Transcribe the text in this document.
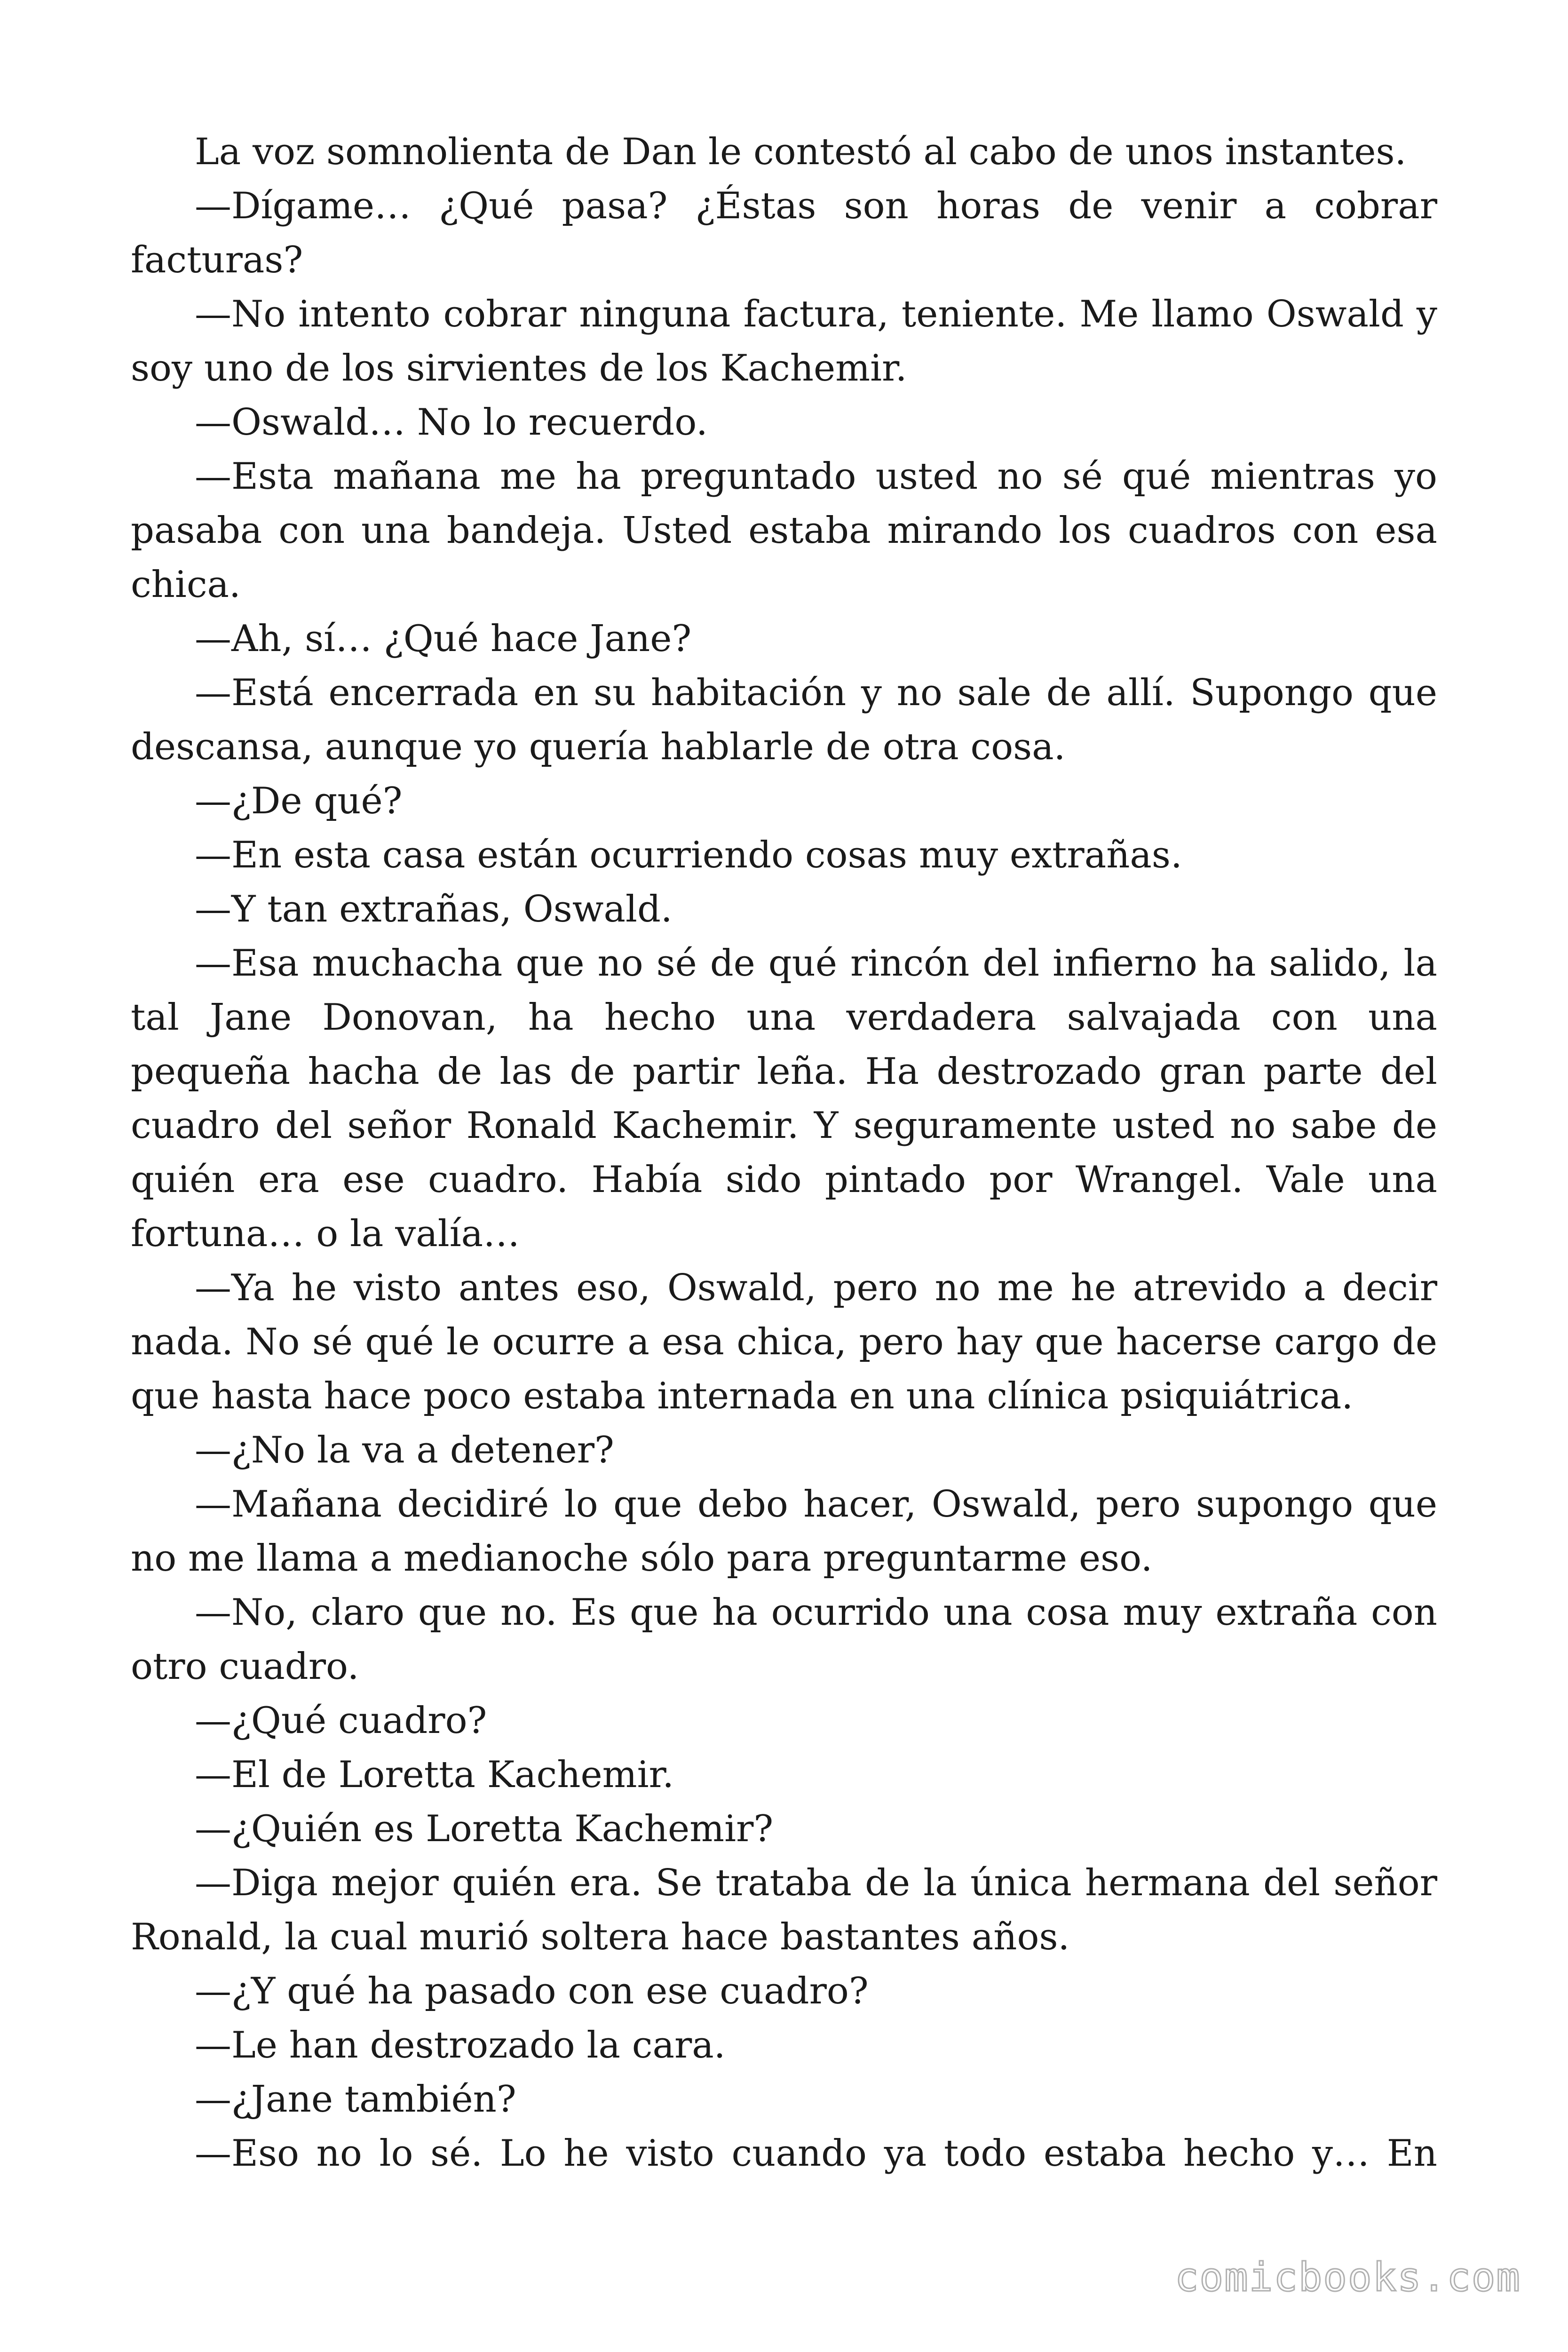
La voz somnolienta de Dan le contestó al cabo de unos instantes.

—Dígame… ¿Qué pasa? ¿Éstas son horas de venir a cobrar facturas?

—No intento cobrar ninguna factura, teniente. Me llamo Oswald y soy uno de los sirvientes de los Kachemir.

—Oswald… No lo recuerdo.

—Esta mañana me ha preguntado usted no sé qué mientras yo pasaba con una bandeja. Usted estaba mirando los cuadros con esa chica.

—Ah, sí… ¿Qué hace Jane?

—Está encerrada en su habitación y no sale de allí. Supongo que descansa, aunque yo quería hablarle de otra cosa.

—¿De qué?

—En esta casa están ocurriendo cosas muy extrañas.

—Y tan extrañas, Oswald.

—Esa muchacha que no sé de qué rincón del infierno ha salido, la tal Jane Donovan, ha hecho una verdadera salvajada con una pequeña hacha de las de partir leña. Ha destrozado gran parte del cuadro del señor Ronald Kachemir. Y seguramente usted no sabe de quién era ese cuadro. Había sido pintado por Wrangel. Vale una fortuna… o la valía…

—Ya he visto antes eso, Oswald, pero no me he atrevido a decir nada. No sé qué le ocurre a esa chica, pero hay que hacerse cargo de que hasta hace poco estaba internada en una clínica psiquiátrica.

—¿No la va a detener?

—Mañana decidiré lo que debo hacer, Oswald, pero supongo que no me llama a medianoche sólo para preguntarme eso.

—No, claro que no. Es que ha ocurrido una cosa muy extraña con otro cuadro.

—¿Qué cuadro?

—El de Loretta Kachemir.

—¿Quién es Loretta Kachemir?

—Diga mejor quién era. Se trataba de la única hermana del señor Ronald, la cual murió soltera hace bastantes años.

—¿Y qué ha pasado con ese cuadro?

—Le han destrozado la cara.

—¿Jane también?

—Eso no lo sé. Lo he visto cuando ya todo estaba hecho y… En

comicbooks.com
